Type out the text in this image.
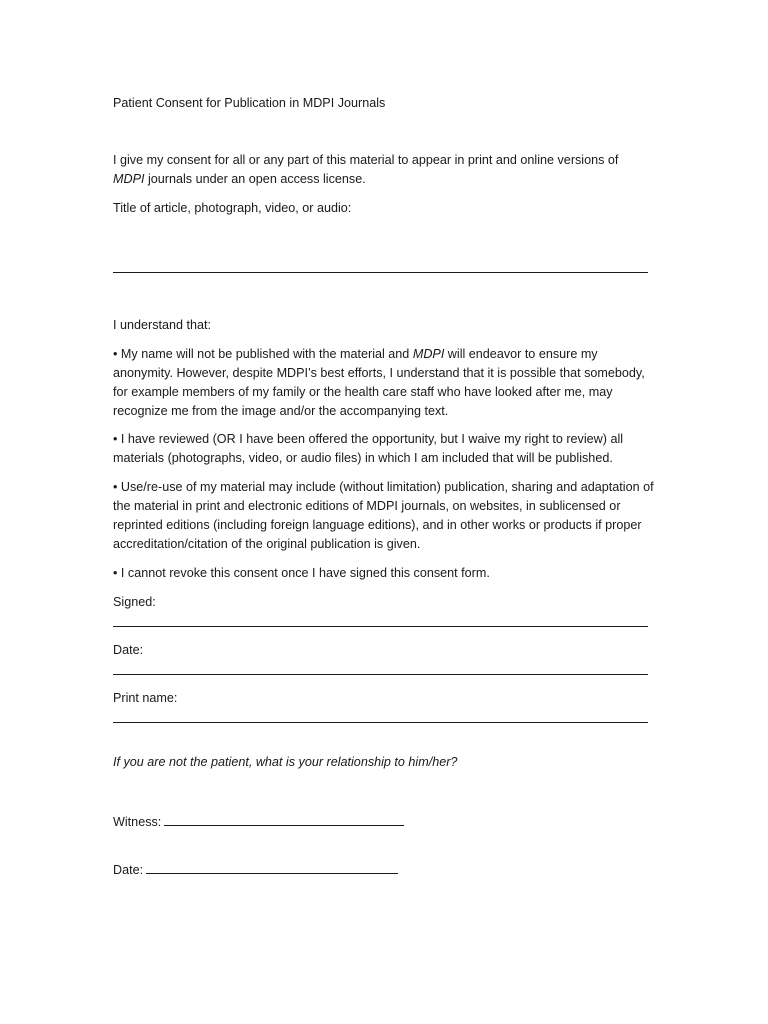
Patient Consent for Publication in MDPI Journals

I give my consent for all or any part of this material to appear in print and online versions of
MDPI journals under an open access license.

Title of article, photograph, video, or audio:

I understand that:

• My name will not be published with the material and MDPI will endeavor to ensure my anonymity. However, despite MDPI’s best efforts, I understand that it is possible that somebody, for example members of my family or the health care staff who have looked after me, may recognize me from the image and/or the accompanying text.
• I have reviewed (OR I have been offered the opportunity, but I waive my right to review) all materials (photographs, video, or audio files) in which I am included that will be published.
• Use/re-use of my material may include (without limitation) publication, sharing and adaptation of the material in print and electronic editions of MDPI journals, on websites, in sublicensed or reprinted editions (including foreign language editions), and in other works or products if proper accreditation/citation of the original publication is given.

• I cannot revoke this consent once I have signed this consent form.

Signed:

Date:

Print name:

If you are not the patient, what is your relationship to him/her?

Witness:

Date:
